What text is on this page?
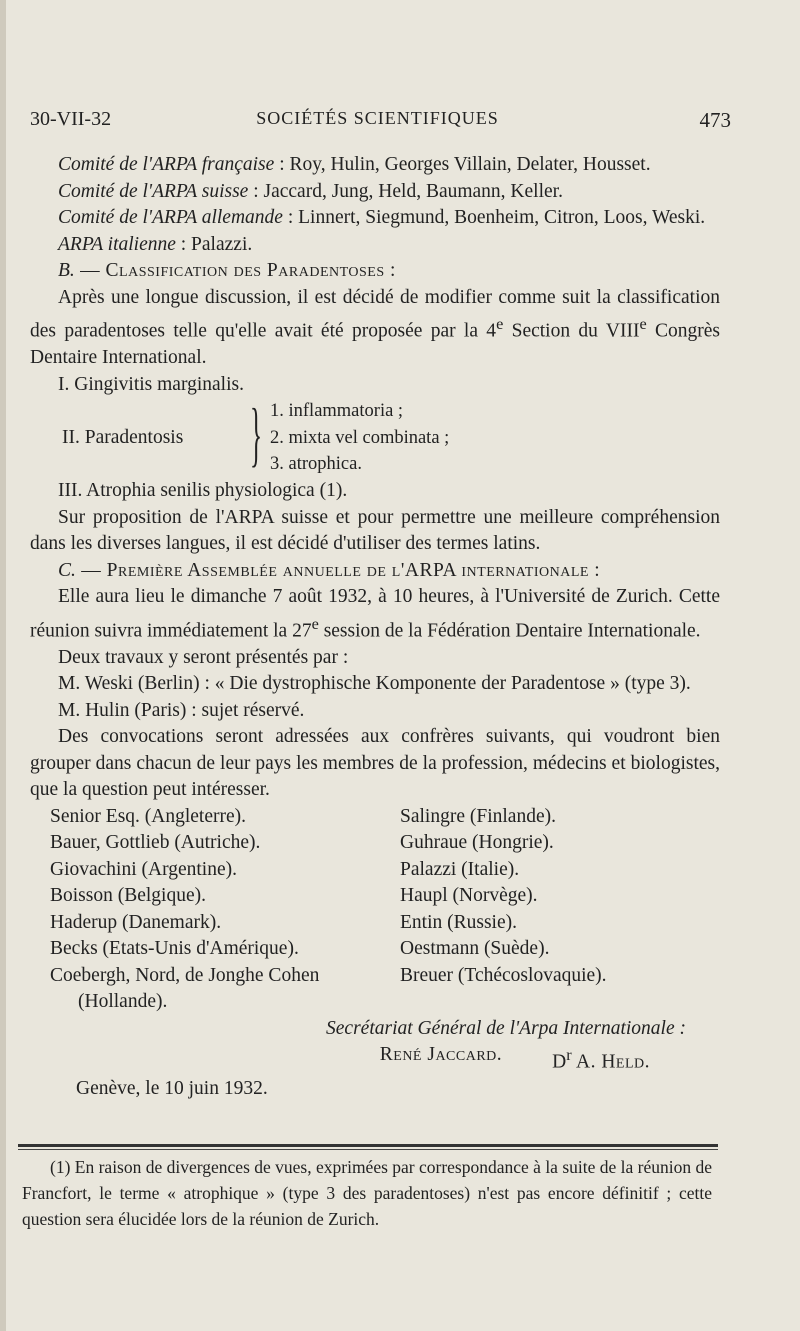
30-VII-32	SOCIÉTÉS SCIENTIFIQUES	473

Comité de l'ARPA française : Roy, Hulin, Georges Villain, Delater, Housset.

Comité de l'ARPA suisse : Jaccard, Jung, Held, Baumann, Keller.

Comité de l'ARPA allemande : Linnert, Siegmund, Boenheim, Citron, Loos, Weski.

ARPA italienne : Palazzi.

B. — Classification des Paradentoses :

Après une longue discussion, il est décidé de modifier comme suit la classification des paradentoses telle qu'elle avait été proposée par la 4e Section du VIIIe Congrès Dentaire International.

I. Gingivitis marginalis.

II. Paradentosis } 1. inflammatoria ;
2. mixta vel combinata ;
3. atrophica.

III. Atrophia senilis physiologica (1).

Sur proposition de l'ARPA suisse et pour permettre une meilleure compréhension dans les diverses langues, il est décidé d'utiliser des termes latins.

C. — Première Assemblée annuelle de l'ARPA internationale :

Elle aura lieu le dimanche 7 août 1932, à 10 heures, à l'Université de Zurich. Cette réunion suivra immédiatement la 27e session de la Fédération Dentaire Internationale.

Deux travaux y seront présentés par :

M. Weski (Berlin) : « Die dystrophische Komponente der Paradentose » (type 3).

M. Hulin (Paris) : sujet réservé.

Des convocations seront adressées aux confrères suivants, qui voudront bien grouper dans chacun de leur pays les membres de la profession, médecins et biologistes, que la question peut intéresser.

Senior Esq. (Angleterre).	Salingre (Finlande).
Bauer, Gottlieb (Autriche).	Guhraue (Hongrie).
Giovachini (Argentine).	Palazzi (Italie).
Boisson (Belgique).	Haupl (Norvège).
Haderup (Danemark).	Entin (Russie).
Becks (Etats-Unis d'Amérique).	Oestmann (Suède).
Coebergh, Nord, de Jonghe Cohen	Breuer (Tchécoslovaquie).
(Hollande).
Secrétariat Général de l'Arpa Internationale :
René Jaccard.	$D^r$ A. Held.
Genève, le 10 juin 1932.
(1) En raison de divergences de vues, exprimées par correspondance à la suite de la réunion de Francfort, le terme « atrophique » (type 3 des paradentoses) n'est pas encore définitif ; cette question sera élucidée lors de la réunion de Zurich.
